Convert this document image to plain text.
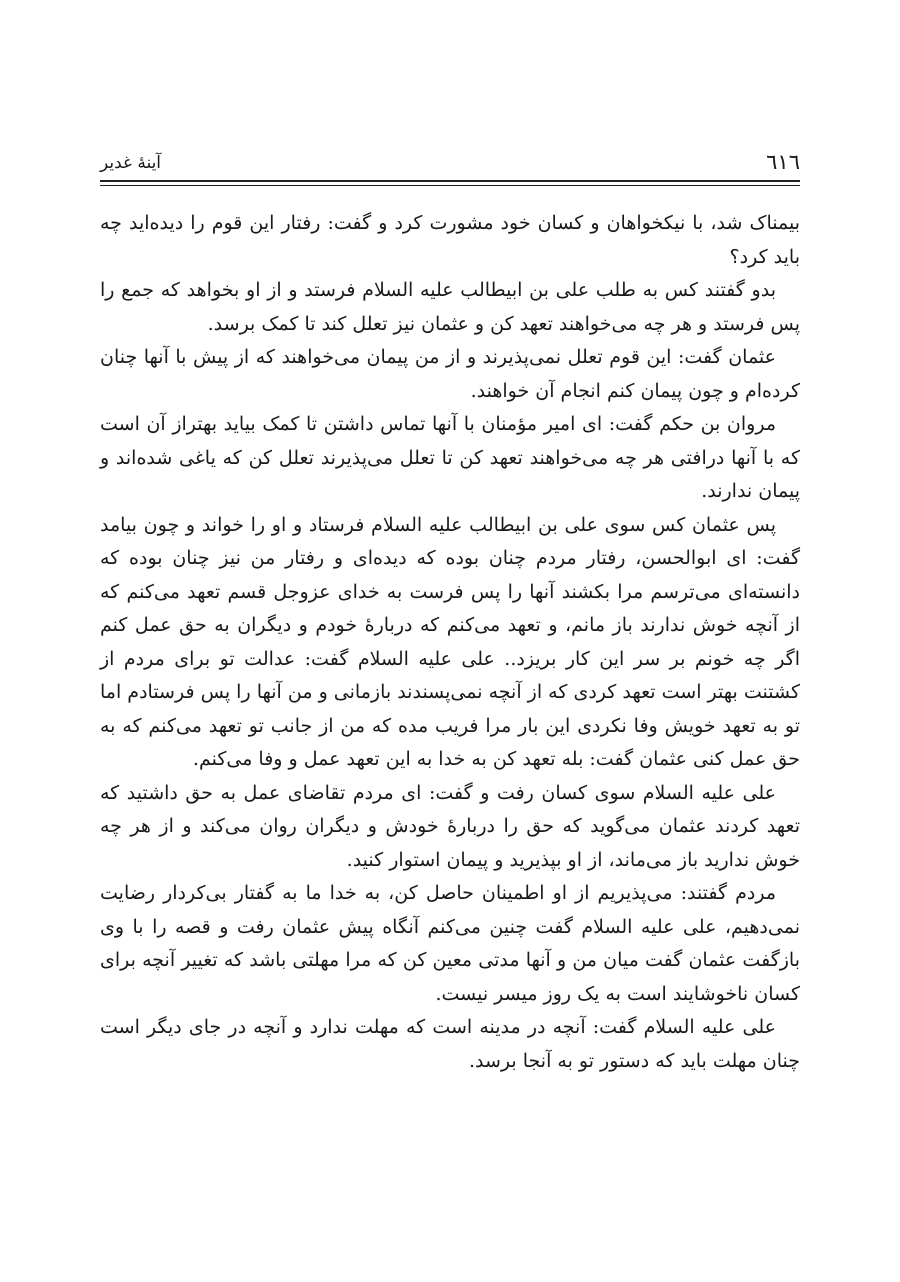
٦١٦
آینهٔ غدیر

بیمناک شد، با نیکخواهان و کسان خود مشورت کرد و گفت: رفتار این قوم را دیده‌اید چه باید کرد؟

بدو گفتند کس به طلب علی بن ابیطالب علیه السلام فرستد و از او بخواهد که جمع را پس فرستد و هر چه می‌خواهند تعهد کن و عثمان نیز تعلل کند تا کمک برسد.

عثمان گفت: این قوم تعلل نمی‌پذیرند و از من پیمان می‌خواهند که از پیش با آنها چنان کرده‌ام و چون پیمان کنم انجام آن خواهند.

مروان بن حکم گفت: ای امیر مؤمنان با آنها تماس داشتن تا کمک بیاید بهتراز آن است که با آنها درافتی هر چه می‌خواهند تعهد کن تا تعلل می‌پذیرند تعلل کن که یاغی شده‌اند و پیمان ندارند.

پس عثمان کس سوی علی بن ابیطالب علیه السلام فرستاد و او را خواند و چون بیامد گفت: ای ابوالحسن، رفتار مردم چنان بوده که دیده‌ای و رفتار من نیز چنان بوده که دانسته‌ای می‌ترسم مرا بکشند آنها را پس فرست به خدای عزوجل قسم تعهد می‌کنم که از آنچه خوش ندارند باز مانم، و تعهد می‌کنم که دربارهٔ خودم و دیگران به حق عمل کنم اگر چه خونم بر سر این کار بریزد.. علی علیه السلام گفت: عدالت تو برای مردم از کشتنت بهتر است تعهد کردی که از آنچه نمی‌پسندند بازمانی و من آنها را پس فرستادم اما تو به تعهد خویش وفا نکردی این بار مرا فریب مده که من از جانب تو تعهد می‌کنم که به حق عمل کنی عثمان گفت: بله تعهد کن به خدا به این تعهد عمل و وفا می‌کنم.

علی علیه السلام سوی کسان رفت و گفت: ای مردم تقاضای عمل به حق داشتید که تعهد کردند عثمان می‌گوید که حق را دربارهٔ خودش و دیگران روان می‌کند و از هر چه خوش ندارید باز می‌ماند، از او بپذیرید و پیمان استوار کنید.

مردم گفتند: می‌پذیریم از او اطمینان حاصل کن، به خدا ما به گفتار بی‌کردار رضایت نمی‌دهیم، علی علیه السلام گفت چنین می‌کنم آنگاه پیش عثمان رفت و قصه را با وی بازگفت عثمان گفت میان من و آنها مدتی معین کن که مرا مهلتی باشد که تغییر آنچه برای کسان ناخوشایند است به یک روز میسر نیست.

علی علیه السلام گفت: آنچه در مدینه است که مهلت ندارد و آنچه در جای دیگر است چنان مهلت باید که دستور تو به آنجا برسد.
